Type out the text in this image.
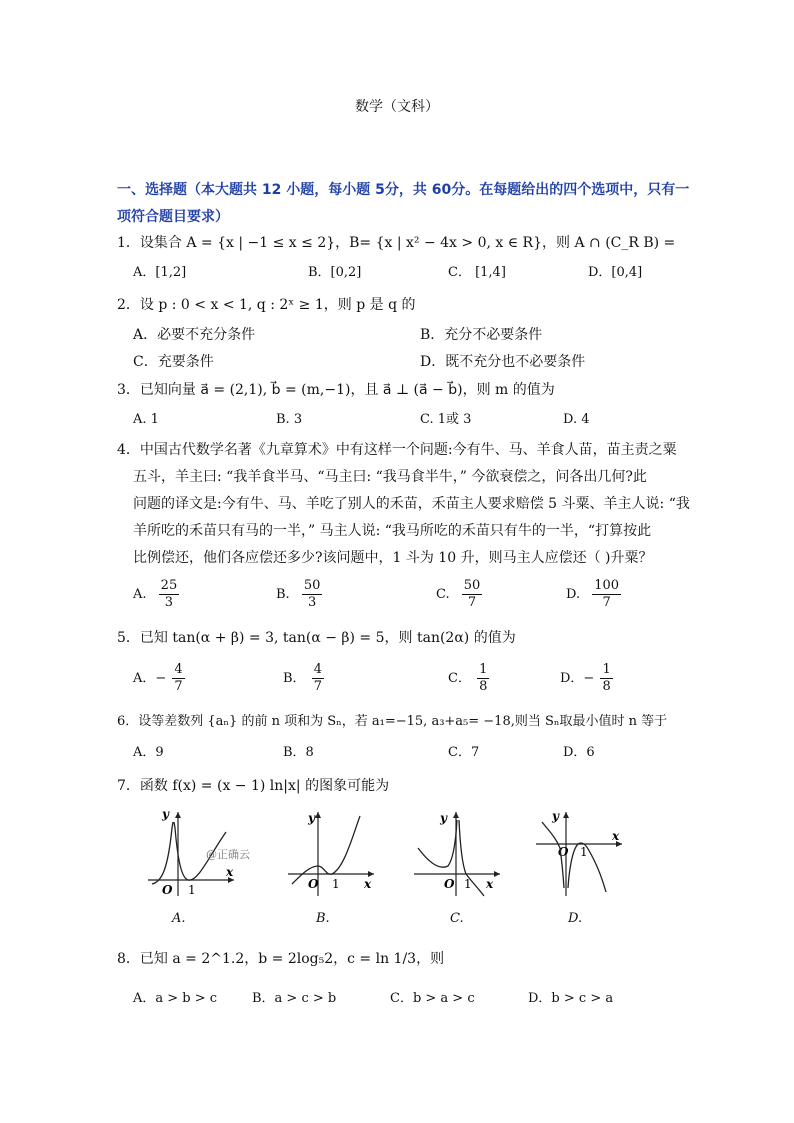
数学（文科）
一、选择题（本大题共 12 小题，每小题 5分，共 60分。在每题给出的四个选项中，只有一
项符合题目要求）
1．设集合 A = {x | −1 ≤ x ≤ 2}，B= {x | x² − 4x > 0, x ∈ R}，则 A ∩ (C_R B) =
A．[1,2]	B．[0,2]	C． [1,4]	D．[0,4]
2．设 p : 0 < x < 1, q : 2ˣ ≥ 1，则 p 是 q 的
A．必要不充分条件	B．充分不必要条件
C．充要条件	D．既不充分也不必要条件
3．已知向量 a⃗ = (2,1), b⃗ = (m,−1)，且 a⃗ ⊥ (a⃗ − b⃗)，则 m 的值为
A. 1	B. 3	C. 1或 3	D. 4
4．中国古代数学名著《九章算术》中有这样一个问题:今有牛、马、羊食人苗，苗主责之粟
五斗，羊主曰: “我羊食半马、“马主曰: “我马食半牛，” 今欲衰偿之，问各出几何?此
问题的译文是:今有牛、马、羊吃了别人的禾苗，禾苗主人要求赔偿 5 斗粟、羊主人说: “我
羊所吃的禾苗只有马的一半，” 马主人说: “我马所吃的禾苗只有牛的一半，“打算按此
比例偿还，他们各应偿还多少?该问题中，1 斗为 10 升，则马主人应偿还（ )升粟？
A. $\frac{25}{3}$	B. $\frac{50}{3}$	C. $\frac{50}{7}$	D. $\frac{100}{7}$
5．已知 tan(α + β) = 3, tan(α − β) = 5，则 tan(2α) 的值为
A．− $\frac{4}{7}$	B． $\frac{4}{7}$	C． $\frac{1}{8}$	D．− $\frac{1}{8}$
6．设等差数列 {aₙ} 的前 n 项和为 Sₙ，若 a₁=−15, a₃+a₅= −18,则当 Sₙ取最小值时 n 等于
A．9	B．8	C．7	D．6
7．函数 f(x) = (x − 1) ln|x| 的图象可能为
y
x
O 1
@正确云
y
x
O 1
y
x
O 1
y
x
O 1
A.	B.	C.	D.
8．已知 a = 2^1.2，b = 2log₅2，c = ln 1/3，则
A．a > b > c	B．a > c > b	C．b > a > c	D．b > c > a
